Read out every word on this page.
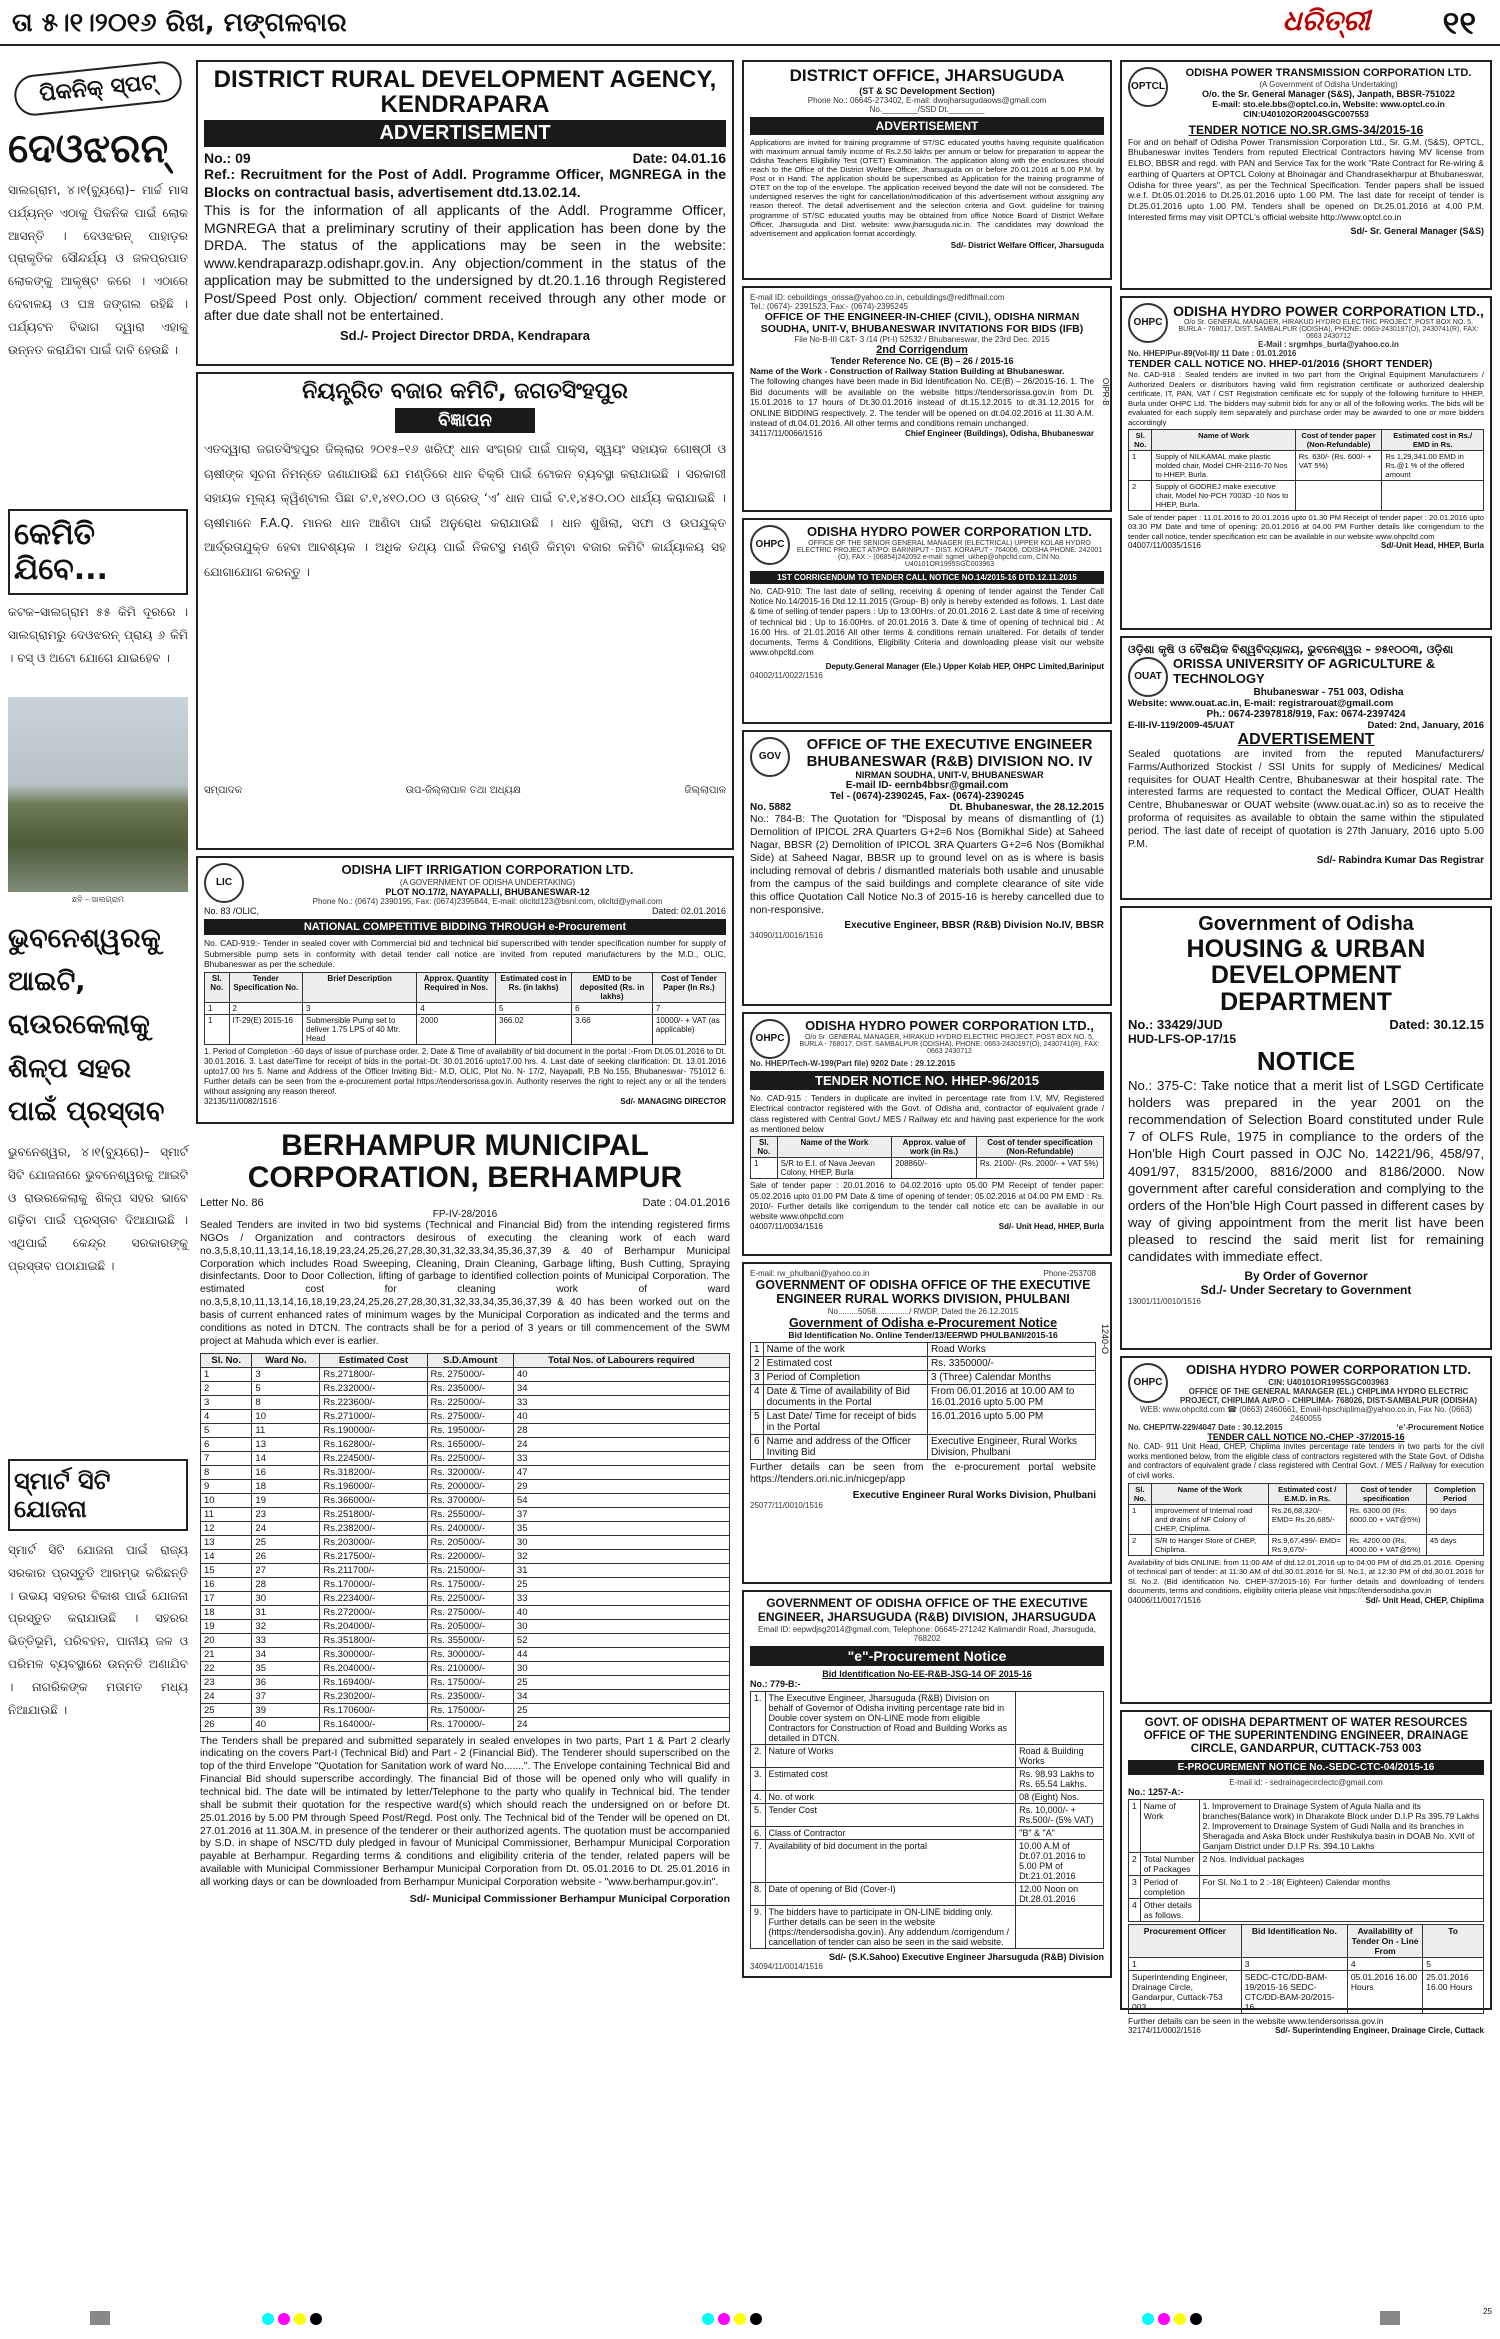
ତା ୫।୧।୨୦୧୬ ରିଖ, ମଙ୍ଗଳବାର	ଧରିତ୍ରୀ ୧୧
ପିକନିକ୍ ସ୍ପଟ୍
ଦେଓଝରନ୍
ସାଲଗ୍ରାମ, ୪।୧(ବ୍ୟୁରୋ)– ମାର୍ଚ୍ଚ ମାସ ପର୍ଯ୍ୟନ୍ତ ଏଠାକୁ ପିକନିକ ପାଇଁ ଲୋକ ଆସନ୍ତି । ଦେଓଝରନ୍ ପାହାଡ଼ର ପ୍ରାକୃତିକ ସୌନ୍ଦର୍ଯ୍ୟ ଓ ଜଳପ୍ରପାତ ଲୋକଙ୍କୁ ଆକୃଷ୍ଟ କରେ । ଏଠାରେ ଦେବାଳୟ ଓ ଘଞ୍ଚ ଜଙ୍ଗଲ ରହିଛି । ପର୍ଯ୍ୟଟନ ବିଭାଗ ଦ୍ୱାରା ଏହାକୁ ଉନ୍ନତ କରାଯିବା ପାଇଁ ଦାବି ହେଉଛି ।
କେମିତି ଯିବେ...
କଟକ–ସାଲଗ୍ରାମ ୫୫ କିମି ଦୂରରେ । ସାଲଗ୍ରାମରୁ ଦେଓଝରନ୍ ପ୍ରାୟ ୬ କିମି । ବସ୍ ଓ ଅଟୋ ଯୋଗେ ଯାଇହେବ ।
ଛବି – ସାଲଗ୍ରାମ
ଭୁବନେଶ୍ୱରକୁ ଆଇଟି, ରାଉରକେଲାକୁ ଶିଳ୍ପ ସହର ପାଇଁ ପ୍ରସ୍ତାବ
ଭୁବନେଶ୍ୱର, ୪।୧(ବ୍ୟୁରୋ)– ସ୍ମାର୍ଟ ସିଟି ଯୋଜନାରେ ଭୁବନେଶ୍ୱରକୁ ଆଇଟି ଓ ରାଉରକେଲାକୁ ଶିଳ୍ପ ସହର ଭାବେ ଗଢ଼ିବା ପାଇଁ ପ୍ରସ୍ତାବ ଦିଆଯାଇଛି । ଏଥିପାଇଁ କେନ୍ଦ୍ର ସରକାରଙ୍କୁ ପ୍ରସ୍ତାବ ପଠାଯାଇଛି ।
ସ୍ମାର୍ଟ ସିଟି ଯୋଜନା
ସ୍ମାର୍ଟ ସିଟି ଯୋଜନା ପାଇଁ ରାଜ୍ୟ ସରକାର ପ୍ରସ୍ତୁତି ଆରମ୍ଭ କରିଛନ୍ତି । ଉଭୟ ସହରର ବିକାଶ ପାଇଁ ଯୋଜନା ପ୍ରସ୍ତୁତ କରାଯାଉଛି । ସହରର ଭିତ୍ତିଭୂମି, ପରିବହନ, ପାନୀୟ ଜଳ ଓ ପରିମଳ ବ୍ୟବସ୍ଥାରେ ଉନ୍ନତି ଅଣାଯିବ । ନାଗରିକଙ୍କ ମତାମତ ମଧ୍ୟ ନିଆଯାଉଛି ।
DISTRICT RURAL DEVELOPMENT AGENCY, KENDRAPARA
ADVERTISEMENT
No.: 09	Date: 04.01.16
Ref.: Recruitment for the Post of Addl. Programme Officer, MGNREGA in the Blocks on contractual basis, advertisement dtd.13.02.14.
This is for the information of all applicants of the Addl. Programme Officer, MGNREGA that a preliminary scrutiny of their application has been done by the DRDA. The status of the applications may be seen in the website: www.kendraparazp.odishapr.gov.in. Any objection/comment in the status of the application may be submitted to the undersigned by dt.20.1.16 through Registered Post/Speed Post only. Objection/ comment received through any other mode or after due date shall not be entertained.
Sd./- Project Director DRDA, Kendrapara
ନିୟନ୍ତ୍ରିତ ବଜାର କମିଟି, ଜଗତସିଂହପୁର
ବିଜ୍ଞାପନ
ଏତଦ୍ୱାରା ଜଗତସିଂହପୁର ଜିଲ୍ଲାର ୨୦୧୫–୧୬ ଖରିଫ୍ ଧାନ ସଂଗ୍ରହ ପାଇଁ ପାକ୍ସ, ସ୍ୱୟଂ ସହାୟକ ଗୋଷ୍ଠୀ ଓ ଚାଷୀଙ୍କ ସୂଚନା ନିମନ୍ତେ ଜଣାଯାଉଛି ଯେ ମଣ୍ଡିରେ ଧାନ ବିକ୍ରି ପାଇଁ ଟୋକନ ବ୍ୟବସ୍ଥା କରାଯାଇଛି । ସରକାରୀ ସହାୟକ ମୂଲ୍ୟ କ୍ୱିଣ୍ଟାଲ ପିଛା ଟ.୧,୪୧୦.୦୦ ଓ ଗ୍ରେଡ୍ ‘ଏ’ ଧାନ ପାଇଁ ଟ.୧,୪୫୦.୦୦ ଧାର୍ଯ୍ୟ କରାଯାଇଛି । ଚାଷୀମାନେ F.A.Q. ମାନର ଧାନ ଆଣିବା ପାଇଁ ଅନୁରୋଧ କରାଯାଉଛି । ଧାନ ଶୁଖିଲା, ସଫା ଓ ଉପଯୁକ୍ତ ଆର୍ଦ୍ରତାଯୁକ୍ତ ହେବା ଆବଶ୍ୟକ । ଅଧିକ ତଥ୍ୟ ପାଇଁ ନିକଟସ୍ଥ ମଣ୍ଡି କିମ୍ବା ବଜାର କମିଟି କାର୍ଯ୍ୟାଳୟ ସହ ଯୋଗାଯୋଗ କରନ୍ତୁ ।
ସମ୍ପାଦକ	ଉପ-ଜିଲ୍ଲାପାଳ ତଥା ଅଧ୍ୟକ୍ଷ	ଜିଲ୍ଲାପାଳ
LIC
ODISHA LIFT IRRIGATION CORPORATION LTD.
(A GOVERNMENT OF ODISHA UNDERTAKING)
PLOT NO.17/2, NAYAPALLI, BHUBANESWAR-12
Phone No.: (0674) 2390195, Fax: (0674)2395844, E-mail: olicltd123@bsnl.com, olicltd@ymail.com
No. 83 /OLIC,	Dated: 02.01.2016
NATIONAL COMPETITIVE BIDDING THROUGH e-Procurement
No. CAD-919:- Tender in sealed cover with Commercial bid and technical bid superscribed with tender specification number for supply of Submersible pump sets in conformity with detail tender call notice are invited from reputed manufacturers by the M.D., OLIC, Bhubaneswar as per the schedule.
Sl. No.	Tender Specification No.	Brief Description	Approx. Quantity Required in Nos.	Estimated cost in Rs. (in lakhs)	EMD to be deposited (Rs. in lakhs)	Cost of Tender Paper (In Rs.)
1	2	3	4	5	6	7
1	IT-29(E) 2015-16	Submersible Pump set to deliver 1.75 LPS of 40 Mtr. Head	2000	366.02	3.66	10000/- + VAT (as applicable)
1. Period of Completion :-60 days of issue of purchase order. 2. Date & Time of availability of bid document in the portal :-From Dt.05.01.2016 to Dt. 30.01.2016. 3. Last date/Time for receipt of bids in the portal:-Dt. 30.01.2016 upto17.00 hrs. 4. Last date of seeking clarification: Dt. 13.01.2016 upto17.00 hrs 5. Name and Address of the Officer Inviting Bid:- M.D, OLIC, Plot No. N- 17/2, Nayapalli, P.B No.155, Bhubaneswar- 751012 6. Further details can be seen from the e-procurement portal https://tendersorissa.gov.in. Authority reserves the right to reject any or all the tenders without assigning any reason thereof.
32135/11/0082/1516	Sd/- MANAGING DIRECTOR
BERHAMPUR MUNICIPAL CORPORATION, BERHAMPUR
Letter No. 86	Date : 04.01.2016
FP-IV-28/2016
Sealed Tenders are invited in two bid systems (Technical and Financial Bid) from the intending registered firms NGOs / Organization and contractors desirous of executing the cleaning work of each ward no.3,5,8,10,11,13,14,16,18,19,23,24,25,26,27,28,30,31,32,33,34,35,36,37,39 & 40 of Berhampur Municipal Corporation which includes Road Sweeping, Cleaning, Drain Cleaning, Garbage lifting, Bush Cutting, Spraying disinfectants. Door to Door Collection, lifting of garbage to identified collection points of Municipal Corporation. The estimated cost for cleaning work of ward no.3,5,8,10,11,13,14,16,18,19,23,24,25,26,27,28,30,31,32,33,34,35,36,37,39 & 40 has been worked out on the basis of current enhanced rates of minimum wages by the Municipal Corporation as indicated and the terms and conditions as noted in DTCN. The contracts shall be for a period of 3 years or till commencement of the SWM project at Mahuda which ever is earlier.
Sl. No.	Ward No.	Estimated Cost	S.D.Amount	Total Nos. of Labourers required
1	3	Rs.271800/-	Rs. 275000/-	40
2	5	Rs.232000/-	Rs. 235000/-	34
3	8	Rs.223600/-	Rs. 225000/-	33
4	10	Rs.271000/-	Rs. 275000/-	40
5	11	Rs.190000/-	Rs. 195000/-	28
6	13	Rs.162800/-	Rs. 165000/-	24
7	14	Rs.224500/-	Rs. 225000/-	33
8	16	Rs.318200/-	Rs. 320000/-	47
9	18	Rs.196000/-	Rs. 200000/-	29
10	19	Rs.366000/-	Rs. 370000/-	54
11	23	Rs.251800/-	Rs. 255000/-	37
12	24	Rs.238200/-	Rs. 240000/-	35
13	25	Rs.203000/-	Rs. 205000/-	30
14	26	Rs.217500/-	Rs. 220000/-	32
15	27	Rs.211700/-	Rs. 215000/-	31
16	28	Rs.170000/-	Rs. 175000/-	25
17	30	Rs.223400/-	Rs. 225000/-	33
18	31	Rs.272000/-	Rs. 275000/-	40
19	32	Rs.204000/-	Rs. 205000/-	30
20	33	Rs.351800/-	Rs. 355000/-	52
21	34	Rs.300000/-	Rs. 300000/-	44
22	35	Rs.204000/-	Rs. 210000/-	30
23	36	Rs.169400/-	Rs. 175000/-	25
24	37	Rs.230200/-	Rs. 235000/-	34
25	39	Rs.170600/-	Rs. 175000/-	25
26	40	Rs.164000/-	Rs. 170000/-	24
The Tenders shall be prepared and submitted separately in sealed envelopes in two parts, Part 1 & Part 2 clearly indicating on the covers Part-I (Technical Bid) and Part - 2 (Financial Bid). The Tenderer should superscribed on the top of the third Envelope "Quotation for Sanitation work of ward No.......". The Envelope containing Technical Bid and Financial Bid should superscribe accordingly. The financial Bid of those will be opened only who will qualify in technical bid. The date will be intimated by letter/Telephone to the party who qualify in Technical bid. The tender shall be submit their quotation for the respective ward(s) which should reach the undersigned on or before Dt. 25.01.2016 by 5.00 PM through Speed Post/Regd. Post only. The Technical bid of the Tender will be opened on Dt. 27.01.2016 at 11.30A.M. in presence of the tenderer or their authorized agents. The quotation must be accompanied by S.D. in shape of NSC/TD duly pledged in favour of Municipal Commissioner, Berhampur Municipal Corporation payable at Berhampur. Regarding terms & conditions and eligibility criteria of the tender, related papers will be available with Municipal Commissioner Berhampur Municipal Corporation from Dt. 05.01.2016 to Dt. 25.01.2016 in all working days or can be downloaded from Berhampur Municipal Corporation website - "www.berhampur.gov.in".
Sd/- Municipal Commissioner Berhampur Municipal Corporation
DISTRICT OFFICE, JHARSUGUDA
(ST & SC Development Section)
Phone No.: 06645-273402, E-mail: dwojharsugudaows@gmail.com
No.________/SSD Dt.________
ADVERTISEMENT
Applications are invited for training programme of ST/SC educated youths having requisite qualification with maximum annual family income of Rs.2.50 lakhs per annum or below for preparation to appear the Odisha Teachers Eligibility Test (OTET) Examination. The application along with the enclosures should reach to the Office of the District Welfare Officer, Jharsuguda on or before 20.01.2016 at 5.00 P.M. by Post or in Hand. The application should be superscribed as Application for the training programme of OTET on the top of the envelope. The application received beyond the date will not be considered. The undersigned reserves the right for cancellation/modification of this advertisement without assigning any reason thereof. The detail advertisement and the selection criteria and Govt. guideline for training programme of ST/SC educated youths may be obtained from office Notice Board of District Welfare Officer, Jharsuguda and Dist. website: www.jharsuguda.nic.in. The candidates may download the advertisement and application format accordingly.
Sd/- District Welfare Officer, Jharsuguda
E-mail ID: cebuildings_orissa@yahoo.co.in, cebuildings@rediffmail.com
Tel.: (0674)- 2391523, Fax:- (0674)-2395245
OFFICE OF THE ENGINEER-IN-CHIEF (CIVIL), ODISHA NIRMAN SOUDHA, UNIT-V, BHUBANESWAR INVITATIONS FOR BIDS (IFB)
File No-B-III C&T- 3 /14 (Pt-I) 52532 / Bhubaneswar, the 23rd Dec. 2015
2nd Corrigendum
Tender Reference No. CE (B) – 26 / 2015-16
Name of the Work - Construction of Railway Station Building at Bhubaneswar.
The following changes have been made in Bid Identification No. CE(B) – 26/2015-16. 1. The Bid documents will be available on the website https://tendersorissa.gov.in from Dt. 15.01.2016 to 17 hours of Dt.30.01.2016 instead of dt.15.12.2015 to dt.31.12.2015 for ONLINE BIDDING respectively. 2. The tender will be opened on dt.04.02.2016 at 11.30 A.M. instead of dt.04.01.2016. All other terms and conditions remain unchanged.
34117/11/0066/1516	Chief Engineer (Buildings), Odisha, Bhubaneswar
OIPR-B
OHPC
ODISHA HYDRO POWER CORPORATION LTD.
OFFICE OF THE SENIOR GENERAL MANAGER (ELECTRICAL) UPPER KOLAB HYDRO ELECTRIC PROJECT AT/PO: BARINIPUT - DIST. KORAPUT - 764006, ODISHA PHONE: 242001 (O), FAX :- (06854)242092 e-mail: sgmel_ukhep@ohpcltd.com, CIN No. U40101OR1995SGC003963
1ST CORRIGENDUM TO TENDER CALL NOTICE NO.14/2015-16 DTD.12.11.2015
No. CAD-910: The last date of selling, receiving & opening of tender against the Tender Call Notice No.14/2015-16 Dtd.12.11.2015 (Group- B) only is hereby extended as follows. 1. Last date & time of selling of tender papers : Up to 13.00Hrs. of 20.01.2016 2. Last date & time of receiving of technical bid : Up to 16.00Hrs. of 20.01.2016 3. Date & time of opening of technical bid : At 16.00 Hrs. of 21.01.2016 All other terms & conditions remain unaltered. For details of tender documents, Terms & Conditions, Eligibility Criteria and downloading please visit our website www.ohpcltd.com
Deputy.General Manager (Ele.) Upper Kolab HEP, OHPC Limited,Bariniput
04002/11/0022/1516
GOV
OFFICE OF THE EXECUTIVE ENGINEER BHUBANESWAR (R&B) DIVISION NO. IV
NIRMAN SOUDHA, UNIT-V, BHUBANESWAR
E-mail ID- eernb4bbsr@gmail.com
Tel - (0674)-2390245, Fax- (0674)-2390245
No. 5882	Dt. Bhubaneswar, the 28.12.2015
No.: 784-B: The Quotation for "Disposal by means of dismantling of (1) Demolition of IPICOL 2RA Quarters G+2=6 Nos (Bomikhal Side) at Saheed Nagar, BBSR (2) Demolition of IPICOL 3RA Quarters G+2=6 Nos (Bomikhal Side) at Saheed Nagar, BBSR up to ground level on as is where is basis including removal of debris / dismantled materials both usable and unusable from the campus of the said buildings and complete clearance of site vide this office Quotation Call Notice No.3 of 2015-16 is hereby cancelled due to non-responsive.
Executive Engineer, BBSR (R&B) Division No.IV, BBSR
34090/11/0016/1516
OHPC
ODISHA HYDRO POWER CORPORATION LTD.,
O/o Sr. GENERAL MANAGER, HIRAKUD HYDRO ELECTRIC PROJECT, POST BOX NO. 5, BURLA - 768017, DIST. SAMBALPUR (ODISHA), PHONE: 0663-2430197(O), 2430741(R), FAX: 0663 2430712
No. HHEP/Tech-W-199(Part file) 9202 Date : 29.12.2015
TENDER NOTICE NO. HHEP-96/2015
No. CAD-915 : Tenders in duplicate are invited in percentage rate from I.V, MV, Registered Electrical contractor registered with the Govt. of Odisha and, contractor of equivalent grade / class registered with Central Govt./ MES / Railway etc and having past experience for the work as mentioned below
Sl. No.	Name of the Work	Approx. value of work (in Rs.)	Cost of tender specification (Non-Refundable)
1	S/R to E.I. of Nava Jeevan Colony, HHEP, Burla	208860/-	Rs. 2100/- (Rs. 2000/- + VAT 5%)
Sale of tender paper : 20.01.2016 to 04.02.2016 upto 05.00 PM Receipt of tender paper: 05.02.2016 upto 01.00 PM Date & time of opening of tender: 05.02.2016 at 04.00 PM EMD : Rs. 2010/- Further details like corrigendum to the tender call notice etc can be available in our website www.ohpcltd.com
04007/11/0034/1516	Sd/- Unit Head, HHEP, Burla
E-mail: rw_phulbani@yahoo.co.in	Phone-253708
GOVERNMENT OF ODISHA OFFICE OF THE EXECUTIVE ENGINEER RURAL WORKS DIVISION, PHULBANI
No.........5058.............../ RWDP, Dated the 26.12.2015
Government of Odisha e-Procurement Notice
Bid Identification No. Online Tender/13/EERWD PHULBANI/2015-16
1	Name of the work	Road Works
2	Estimated cost	Rs. 3350000/-
3	Period of Completion	3 (Three) Calendar Months
4	Date & Time of availability of Bid documents in the Portal	From 06.01.2016 at 10.00 AM to 16.01.2016 upto 5.00 PM
5	Last Date/ Time for receipt of bids in the Portal	16.01.2016 upto 5.00 PM
6	Name and address of the Officer Inviting Bid	Executive Engineer, Rural Works Division, Phulbani
Further details can be seen from the e-procurement portal website https://tenders.ori.nic.in/nicgep/app
Executive Engineer Rural Works Division, Phulbani
25077/11/0010/1516
1240-O
GOVERNMENT OF ODISHA OFFICE OF THE EXECUTIVE ENGINEER, JHARSUGUDA (R&B) DIVISION, JHARSUGUDA
Email ID: eepwdjsg2014@gmail.com, Telephone: 06645-271242 Kalimandir Road, Jharsuguda, 768202
"e"-Procurement Notice
Bid Identification No-EE-R&B-JSG-14 OF 2015-16
No.: 779-B:-
1.	The Executive Engineer, Jharsuguda (R&B) Division on behalf of Governor of Odisha inviting percentage rate bid in Double cover system on ON-LINE mode from eligible Contractors for Construction of Road and Building Works as detailed in DTCN.	
2.	Nature of Works	Road & Building Works
3.	Estimated cost	Rs. 98.93 Lakhs to Rs. 65.54 Lakhs.
4.	No. of work	08 (Eight) Nos.
5.	Tender Cost	Rs. 10,000/- + Rs.500/- (5% VAT)
6.	Class of Contractor	"B" & "A"
7.	Availability of bid document in the portal	10.00 A.M of Dt.07.01.2016 to 5.00 PM of Dt.21.01.2016
8.	Date of opening of Bid (Cover-I)	12.00 Noon on Dt.28.01.2016
9.	The bidders have to participate in ON-LINE bidding only. Further details can be seen in the website (https://tendersodisha.gov.in). Any addendum /corrigendum / cancellation of tender can also be seen in the said website.	
Sd/- (S.K.Sahoo) Executive Engineer Jharsuguda (R&B) Division
34094/11/0014/1516
OPTCL
ODISHA POWER TRANSMISSION CORPORATION LTD.
(A Government of Odisha Undertaking)
O/o. the Sr. General Manager (S&S), Janpath, BBSR-751022
E-mail: sto.ele.bbs@optcl.co.in, Website: www.optcl.co.in
CIN:U40102OR2004SGC007553
TENDER NOTICE NO.SR.GMS-34/2015-16
For and on behalf of Odisha Power Transmission Corporation Ltd., Sr. G.M. (S&S), OPTCL, Bhubaneswar invites Tenders from reputed Electrical Contractors having MV license from ELBO, BBSR and regd. with PAN and Service Tax for the work "Rate Contract for Re-wiring & earthing of Quarters at OPTCL Colony at Bhoinagar and Chandrasekharpur at Bhubaneswar, Odisha for three years", as per the Technical Specification. Tender papers shall be issued w.e.f. Dt.05.01.2016 to Dt.25.01.2016 upto 1.00 PM. The last date for receipt of tender is Dt.25.01.2016 upto 1.00 PM. Tenders shall be opened on Dt.25.01.2016 at 4.00 P.M. Interested firms may visit OPTCL's official website http://www.optcl.co.in
Sd/- Sr. General Manager (S&S)
OHPC
ODISHA HYDRO POWER CORPORATION LTD.,
O/o Sr. GENERAL MANAGER, HIRAKUD HYDRO ELECTRIC PROJECT, POST BOX NO. 5, BURLA - 768017, DIST. SAMBALPUR (ODISHA), PHONE: 0663-2430197(O), 2430741(R), FAX: 0663 2430712
E-Mail : srgmhps_burla@yahoo.co.in
No. HHEP/Pur-89(Vol-II)/ 11 Date : 01.01.2016
TENDER CALL NOTICE NO. HHEP-01/2016 (SHORT TENDER)
No. CAD-918 : Sealed tenders are invited in two part from the Original Equipment Manufacturers / Authorized Dealers or distributors having valid firm registration certificate or authorized dealership certificate, IT, PAN, VAT / CST Registration certificate etc for supply of the following furniture to HHEP, Burla under OHPC Ltd. The bidders may submit bids for any or all of the following works. The bids will be evaluated for each supply item separately and purchase order may be awarded to one or more bidders accordingly
Sl. No.	Name of Work	Cost of tender paper (Non-Refundable)	Estimated cost in Rs./ EMD in Rs.
1	Supply of NILKAMAL make plastic molded chair, Model CHR-2116-70 Nos to HHEP, Burla.	Rs. 630/- (Rs. 600/- + VAT 5%)	Rs 1,29,341.00 EMD in Rs.@1 % of the offered amount
2	Supply of GODREJ make executive chair, Model No-PCH 7003D -10 Nos to HHEP, Burla.		
Sale of tender paper : 11.01.2016 to 20.01.2016 upto 01.30 PM Receipt of tender paper : 20.01.2016 upto 03.30 PM Date and time of opening: 20.01.2016 at 04.00 PM Further details like corrigendum to the tender call notice, tender specification etc can be available in our website www.ohpcltd.com
04007/11/0035/1516	Sd/-Unit Head, HHEP, Burla
ଓଡ଼ିଶା କୃଷି ଓ ବୈଷୟିକ ବିଶ୍ୱବିଦ୍ୟାଳୟ, ଭୁବନେଶ୍ୱର – ୭୫୧୦୦୩, ଓଡ଼ିଶା
OUAT
ORISSA UNIVERSITY OF AGRICULTURE & TECHNOLOGY
Bhubaneswar - 751 003, Odisha
Website: www.ouat.ac.in, E-mail: registrarouat@gmail.com
Ph.: 0674-2397818/919, Fax: 0674-2397424
E-III-IV-119/2009-45/UAT	Dated: 2nd, January, 2016
ADVERTISEMENT
Sealed quotations are invited from the reputed Manufacturers/ Farms/Authorized Stockist / SSI Units for supply of Medicines/ Medical requisites for OUAT Health Centre, Bhubaneswar at their hospital rate. The interested farms are requested to contact the Medical Officer, OUAT Health Centre, Bhubaneswar or OUAT website (www.ouat.ac.in) so as to receive the proforma of requisites as available to obtain the same within the stipulated period. The last date of receipt of quotation is 27th January, 2016 upto 5.00 P.M.
Sd/- Rabindra Kumar Das Registrar
Government of Odisha
HOUSING & URBAN DEVELOPMENT DEPARTMENT
No.: 33429/JUD	Dated: 30.12.15
HUD-LFS-OP-17/15
NOTICE
No.: 375-C: Take notice that a merit list of LSGD Certificate holders was prepared in the year 2001 on the recommendation of Selection Board constituted under Rule 7 of OLFS Rule, 1975 in compliance to the orders of the Hon'ble High Court passed in OJC No. 14221/96, 458/97, 4091/97, 8315/2000, 8816/2000 and 8186/2000. Now government after careful consideration and complying to the orders of the Hon'ble High Court passed in different cases by way of giving appointment from the merit list have been pleased to rescind the said merit list for remaining candidates with immediate effect.
By Order of Governor
Sd./- Under Secretary to Government
13001/11/0010/1516
OHPC
ODISHA HYDRO POWER CORPORATION LTD.
CIN: U40101OR1995SGC003963
OFFICE OF THE GENERAL MANAGER (EL.) CHIPLIMA HYDRO ELECTRIC PROJECT, CHIPLIMA At/P.O - CHIPLIMA- 768026, DIST-SAMBALPUR (ODISHA)
WEB: www.ohpcltd.com ☎ (0663) 2460661, Email-hpschiplima@yahoo.co.in, Fax No. (0663) 2460055
No. CHEP/TW-229/4047 Date : 30.12.2015	‘e’-Procurement Notice
TENDER CALL NOTICE NO.-CHEP -37/2015-16
No. CAD- 911 Unit Head, CHEP, Chiplima invites percentage rate tenders in two parts for the civil works mentioned below, from the eligible class of contractors registered with the State Govt. of Odisha and contractors of equivalent grade / class registered with Central Govt. / MES / Railway for execution of civil works.
Sl. No.	Name of the Work	Estimated cost / E.M.D. in Rs.	Cost of tender specification	Completion Period
1	Improvement of Internal road and drains of NF Colony of CHEP, Chiplima.	Rs.26,68,320/- EMD= Rs.26,685/-	Rs. 6300.00 (Rs. 6000.00 + VAT@5%)	90 days
2	S/R to Hanger Store of CHEP, Chiplima.	Rs.9,67,499/- EMD= Rs.9,675/-	Rs. 4200.00 (Rs. 4000.00 + VAT@5%)	45 days
Availability of bids ONLINE: from 11:00 AM of dtd.12.01.2016 up to 04:00 PM of dtd.25.01.2016. Opening of technical part of tender: at 11:30 AM of dtd.30.01.2016 for Sl. No.1, at 12:30 PM of dtd.30.01.2016 for Sl. No.2. (Bid identification No. CHEP-37/2015-16) For further details and downloading of tenders documents, terms and conditions, eligibility criteria please visit https://tendersodisha.gov.in
04006/11/0017/1516	Sd/- Unit Head, CHEP, Chiplima
GOVT. OF ODISHA DEPARTMENT OF WATER RESOURCES OFFICE OF THE SUPERINTENDING ENGINEER, DRAINAGE CIRCLE, GANDARPUR, CUTTACK-753 003
E-PROCUREMENT NOTICE No.-SEDC-CTC-04/2015-16
E-mail id: - sedrainagecirclectc@gmail.com
No.: 1257-A:-
1	Name of Work	1. Improvement to Drainage System of Agula Nalla and its branches(Balance work) in Dharakote Block under D.I.P Rs 395.79 Lakhs 2. Improvement to Drainage System of Gudi Nalla and its branches in Sheragada and Aska Block under Rushikulya basin in DOAB No. XVII of Ganjam District under D.I.P Rs. 394.10 Lakhs
2	Total Number of Packages	2 Nos. Individual packages
3	Period of completion	For Sl. No.1 to 2 :-18( Eighteen) Calendar months
4	Other details as follows.	
Procurement Officer	Bid Identification No.	Availability of Tender On - Line From	To
1	3	4	5
Superintending Engineer, Drainage Circle, Gandarpur, Cuttack-753 003	SEDC-CTC/DD-BAM-19/2015-16 SEDC-CTC/DD-BAM-20/2015-16	05.01.2016 16.00 Hours	25.01.2016 16.00 Hours
Further details can be seen in the website www.tendersorissa.gov.in
32174/11/0002/1516	Sd/- Superintending Engineer, Drainage Circle, Cuttack
25
